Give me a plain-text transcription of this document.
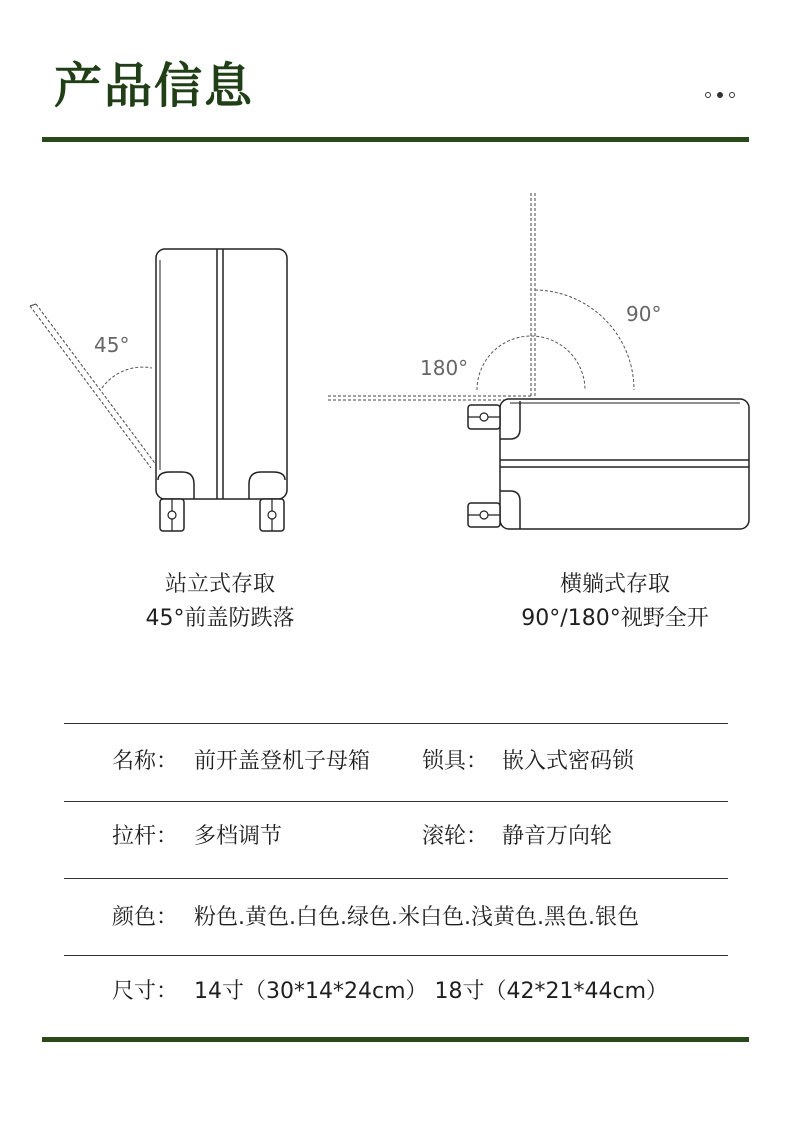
产品信息
45°
90°
180°
站立式存取
45°前盖防跌落
横躺式存取
90°/180°视野全开
名称： 前开盖登机子母箱 锁具： 嵌入式密码锁
拉杆： 多档调节	滚轮： 静音万向轮
颜色： 粉色.黄色.白色.绿色.米白色.浅黄色.黑色.银色
尺寸： 14寸（30*14*24cm） 18寸（42*21*44cm）
